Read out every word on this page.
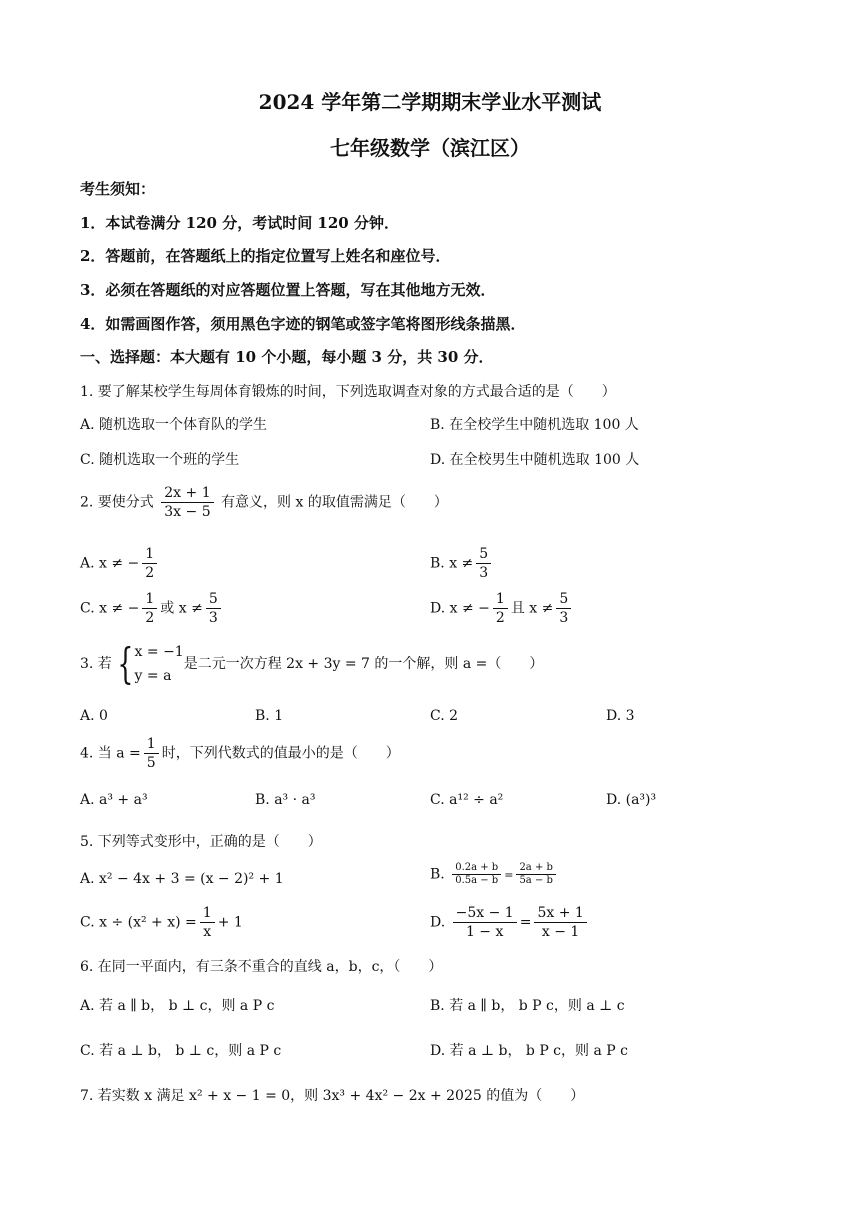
2024 学年第二学期期末学业水平测试
七年级数学（滨江区）
考生须知：
1．本试卷满分 120 分，考试时间 120 分钟．
2．答题前，在答题纸上的指定位置写上姓名和座位号．
3．必须在答题纸的对应答题位置上答题，写在其他地方无效．
4．如需画图作答，须用黑色字迹的钢笔或签字笔将图形线条描黑．
一、选择题：本大题有 10 个小题，每小题 3 分，共 30 分．
1. 要了解某校学生每周体育锻炼的时间，下列选取调查对象的方式最合适的是（　　）
A. 随机选取一个体育队的学生	B. 在全校学生中随机选取 100 人
C. 随机选取一个班的学生	D. 在全校男生中随机选取 100 人
2. 要使分式 $\frac{2x + 1}{3x - 5}$ 有意义，则 x 的取值需满足（　　）
A. x ≠ − $\frac{1}{2}$	B. $x \ne \frac{5}{3}$
C. x ≠ − $\frac{1}{2}$ 或 $x \ne \frac{5}{3}$	D. x ≠ − $\frac{1}{2}$ 且 $x \ne \frac{5}{3}$
3. 若 { x = −1
y = a
是二元一次方程 2x + 3y = 7 的一个解，则 a =（　　）
A. 0	B. 1	C. 2	D. 3
4. 当 $a = \frac{1}{5}$ 时，下列代数式的值最小的是（　　）
A. a³ + a³	B. a³ · a³	C. a¹² ÷ a²	D. (a³)³
5. 下列等式变形中，正确的是（　　）
A. x² − 4x + 3 = (x − 2)² + 1	B. $\frac{0.2a + b}{0.5a - b} = \frac{2a + b}{5a - b}$
C. $x \div (x^2 + x) = \frac{1}{x} + 1$	D. $\frac{-5x - 1}{1 - x} = \frac{5x + 1}{x - 1}$
6. 在同一平面内，有三条不重合的直线 a，b，c，（　　）
A. 若 a ∥ b， b ⊥ c，则 a P c	B. 若 a ∥ b， b P c，则 a ⊥ c
C. 若 a ⊥ b， b ⊥ c，则 a P c	D. 若 a ⊥ b， b P c，则 a P c
7. 若实数 x 满足 x² + x − 1 = 0，则 3x³ + 4x² − 2x + 2025 的值为（　　）
